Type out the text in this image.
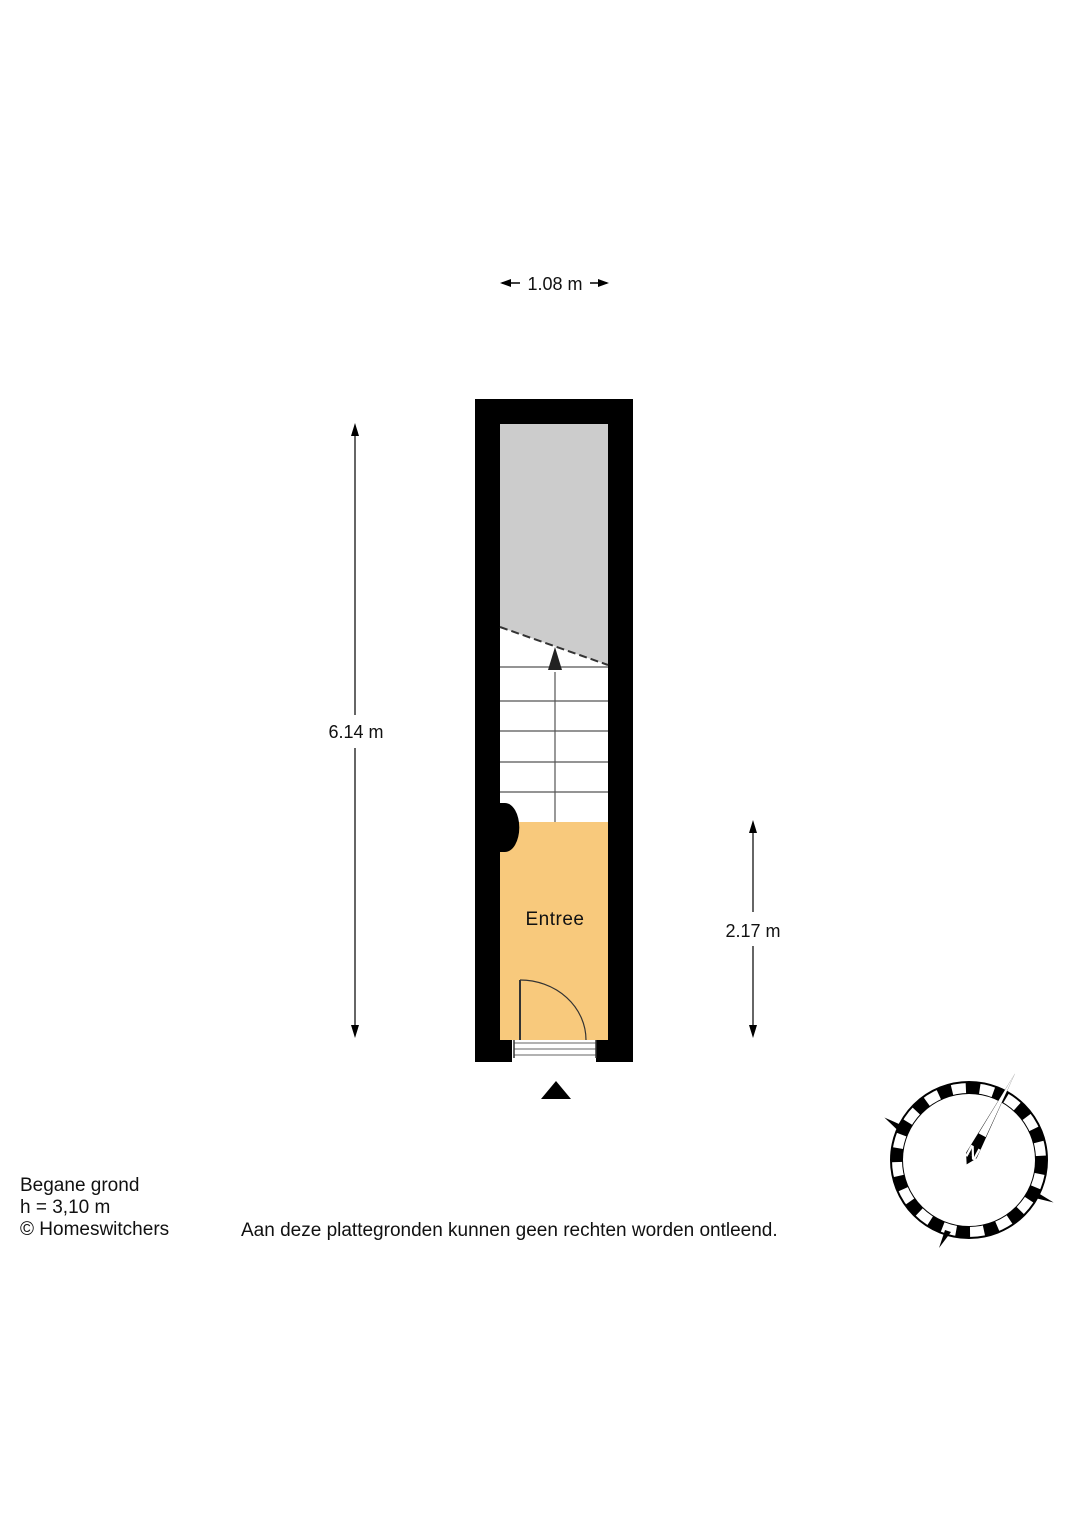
1.08 m
6.14 m
2.17 m
Entree
N
Begane grond
h = 3,10 m
© Homeswitchers	Aan deze plattegronden kunnen geen rechten worden ontleend.
